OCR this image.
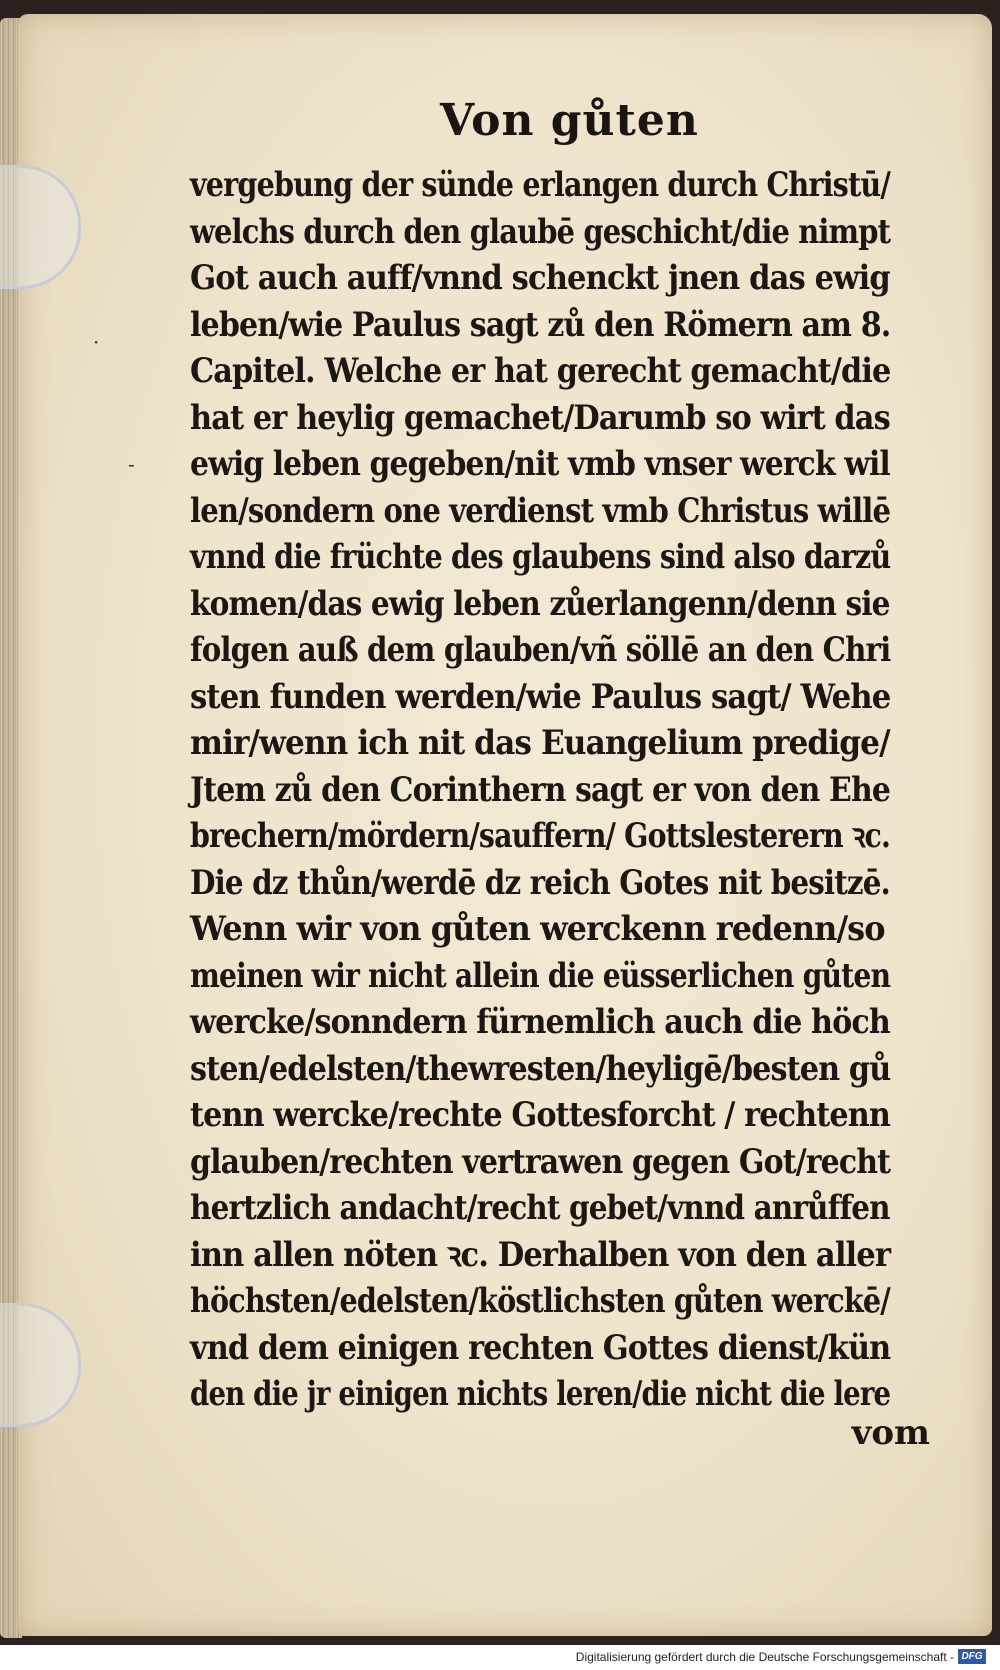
·
-
Von gůten
vergebung der sünde erlangen durch Christū/
welchs durch den glaubē geschicht/die nimpt
Got auch auff/vnnd schenckt jnen das ewig
leben/wie Paulus sagt zů den Römern am 8.
Capitel. Welche er hat gerecht gemacht/die
hat er heylig gemachet/Darumb so wirt das
ewig leben gegeben/nit vmb vnser werck wil
len/sondern one verdienst vmb Christus willē
vnnd die früchte des glaubens sind also darzů
komen/das ewig leben zůerlangenn/denn sie
folgen auß dem glauben/vñ söllē an den Chri
sten funden werden/wie Paulus sagt/ Wehe
mir/wenn ich nit das Euangelium predige/
Jtem zů den Corinthern sagt er von den Ehe
brechern/mördern/sauffern/ Gottslesterern ꝛc.
Die dz thůn/werdē dz reich Gotes nit besitzē.
Wenn wir von gůten werckenn redenn/so
meinen wir nicht allein die eüsserlichen gůten
wercke/sonndern fürnemlich auch die höch
sten/edelsten/thewresten/heyligē/besten gů
tenn wercke/rechte Gottesforcht / rechtenn
glauben/rechten vertrawen gegen Got/recht
hertzlich andacht/recht gebet/vnnd anrůffen
inn allen nöten ꝛc. Derhalben von den aller
höchsten/edelsten/köstlichsten gůten werckē/
vnd dem einigen rechten Gottes dienst/kün
den die jr einigen nichts leren/die nicht die lere
vom
Digitalisierung gefördert durch die Deutsche Forschungsgemeinschaft - DFG
